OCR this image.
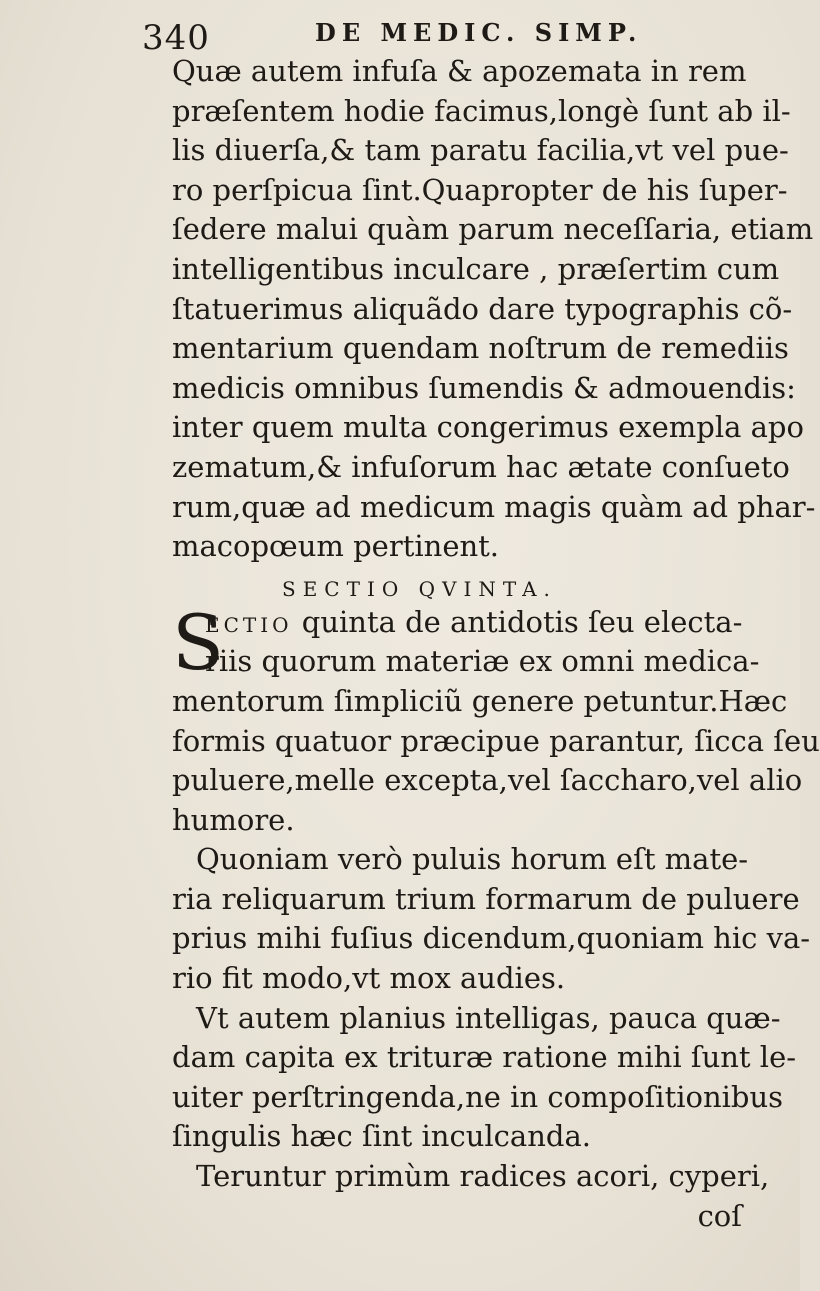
340	DE MEDIC. SIMP.
Quæ autem infuſa & apozemata in rem
præſentem hodie facimus,longè ſunt ab il-
lis diuerſa,& tam paratu facilia,vt vel pue-
ro perſpicua ſint.Quapropter de his ſuper-
ſedere malui quàm parum neceſſaria, etiam
intelligentibus inculcare , præſertim cum
ſtatuerimus aliquãdo dare typographis cõ-
mentarium quendam noſtrum de remediis
medicis omnibus ſumendis & admouendis:
inter quem multa congerimus exempla apo
zematum,& infuſorum hac ætate conſueto
rum,quæ ad medicum magis quàm ad phar-
macopœum pertinent.
SECTIO QVINTA.
S
ECTIO quinta de antidotis ſeu electa-
riis quorum materiæ ex omni medica-
mentorum ſimpliciũ genere petuntur.Hæc
formis quatuor præcipue parantur, ſicca ſeu
puluere,melle excepta,vel ſaccharo,vel alio
humore.
Quoniam verò puluis horum eſt mate-
ria reliquarum trium formarum de puluere
prius mihi fuſius dicendum,quoniam hic va-
rio fit modo,vt mox audies.
Vt autem planius intelligas, pauca quæ-
dam capita ex trituræ ratione mihi ſunt le-
uiter perſtringenda,ne in compoſitionibus
ſingulis hæc ſint inculcanda.
Teruntur primùm radices acori, cyperi,
coſ
